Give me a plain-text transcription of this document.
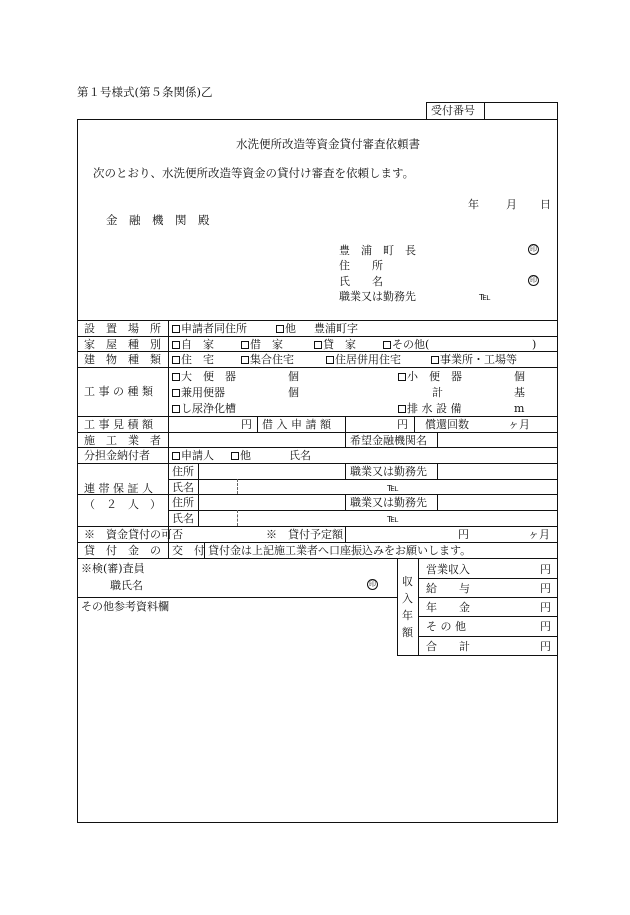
第１号様式(第５条関係)乙
受付番号
水洗便所改造等資金貸付審査依頼書
次のとおり、水洗便所改造等資金の貸付け審査を依頼します。
年 月 日
金　融　機　関　殿
豊　浦　町　長	印
住　　所
氏　　名	印
職業又は勤務先	℡
設　置　場　所	申請者同住所	他 豊浦町字
家　屋　種　別	自　家	借　家	貸　家	その他(	)
建　物　種　類	住　宅	集合住宅	住居併用住宅	事業所・工場等
工 事 の 種 類
大　便　器	個	小　便　器	個
兼用便器	個	計	基
し尿浄化槽	排 水 設 備	m
工 事 見 積 額	円 借 入 申 請 額	円 償還回数	ヶ月
施　工　業　者	希望金融機関名
分担金納付者	申請人	他	氏名
連 帯 保 証 人
（　２　人　）
住所	職業又は勤務先
氏名	℡
住所	職業又は勤務先
氏名	℡
※　資金貸付の可否	※　貸付予定額	円	ヶ月
貸　付　金　の　交　付 貸付金は上記施工業者へ口座振込みをお願いします。
※検(審)査員
職氏名	印
その他参考資料欄
収
入
年
額
営業収入	円
給　　与	円
年　　金	円
そ の 他	円
合　　計	円
